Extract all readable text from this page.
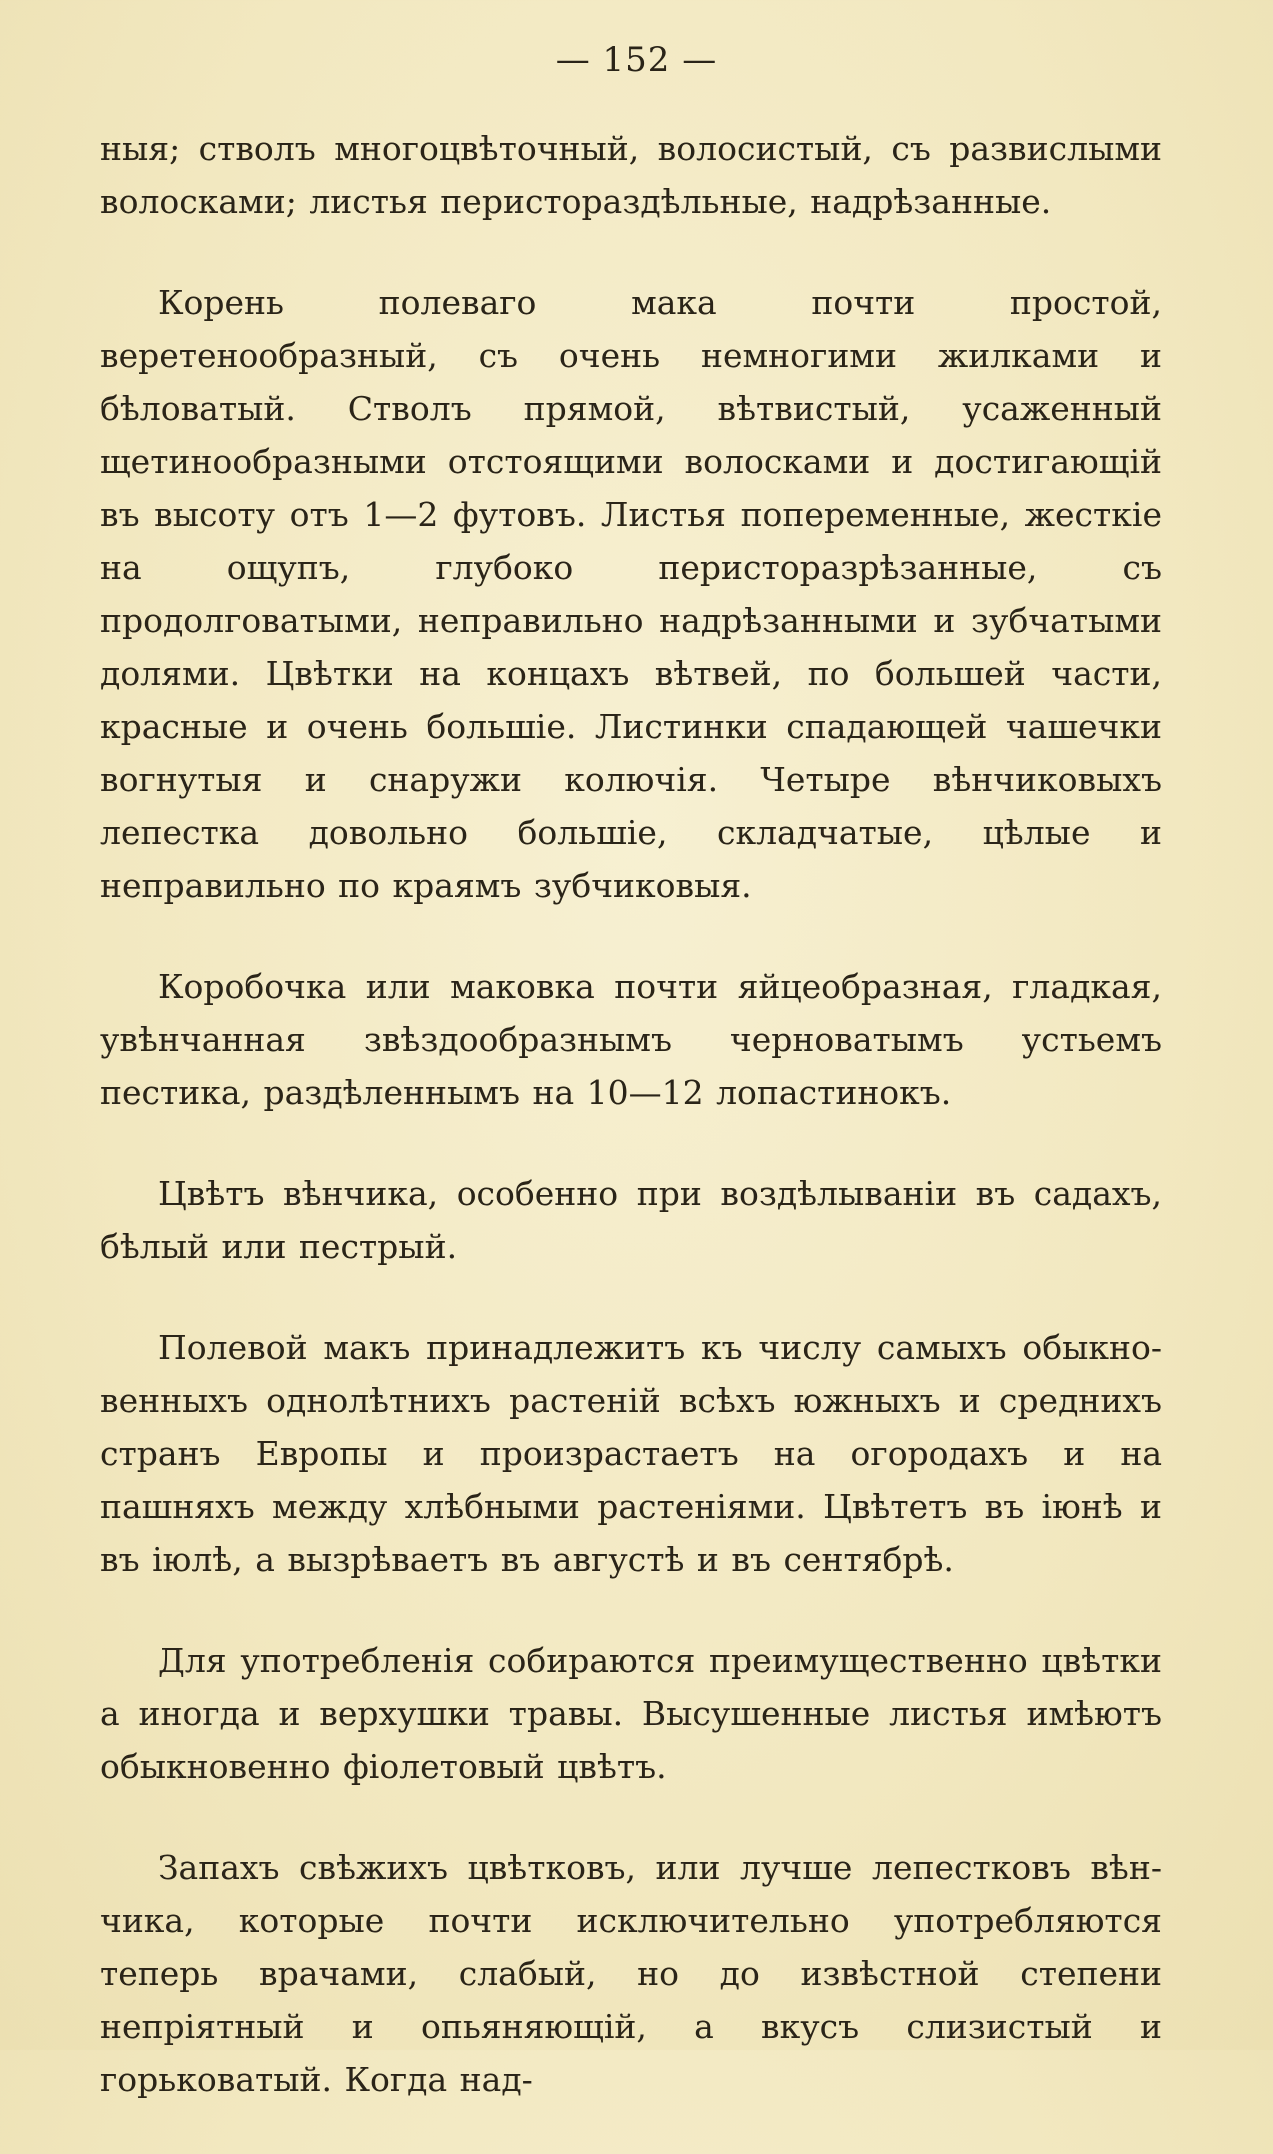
— 152 —

ныя; стволъ многоцвѣточный, волосистый, съ развислыми волосками; листья перистораздѣльные, надрѣзанные.

Корень полеваго мака почти простой, веретенообразный, съ очень немногими жилками и бѣловатый. Стволъ прямой, вѣтвистый, усаженный щетинообразными отстоящими волосками и достигающій въ высоту отъ 1—2 футовъ. Листья попеременные, жесткіе на ощупъ, глубоко перисторазрѣзанные, съ продолговатыми, неправильно надрѣзанными и зубчатыми долями. Цвѣтки на концахъ вѣтвей, по большей части, красные и очень большіе. Листинки спадающей чашечки вогнутыя и снаружи колючія. Четыре вѣнчиковыхъ лепестка довольно большіе, складчатые, цѣлые и неправильно по краямъ зубчиковыя.

Коробочка или маковка почти яйцеобразная, гладкая, увѣнчанная звѣздообразнымъ черноватымъ устьемъ пестика, раздѣленнымъ на 10—12 лопастинокъ.

Цвѣтъ вѣнчика, особенно при воздѣлываніи въ садахъ, бѣлый или пестрый.

Полевой макъ принадлежитъ къ числу самыхъ обыкновенныхъ однолѣтнихъ растеній всѣхъ южныхъ и среднихъ странъ Европы и произрастаетъ на огородахъ и на пашняхъ между хлѣбными растеніями. Цвѣтетъ въ іюнѣ и въ іюлѣ, а вызрѣваетъ въ августѣ и въ сентябрѣ.

Для употребленія собираются преимущественно цвѣтки а иногда и верхушки травы. Высушенные листья имѣютъ обыкновенно фіолетовый цвѣтъ.

Запахъ свѣжихъ цвѣтковъ, или лучше лепестковъ вѣнчика, которые почти исключительно употребляются теперь врачами, слабый, но до извѣстной степени непріятный и опьяняющій, а вкусъ слизистый и горьковатый. Когда над-
